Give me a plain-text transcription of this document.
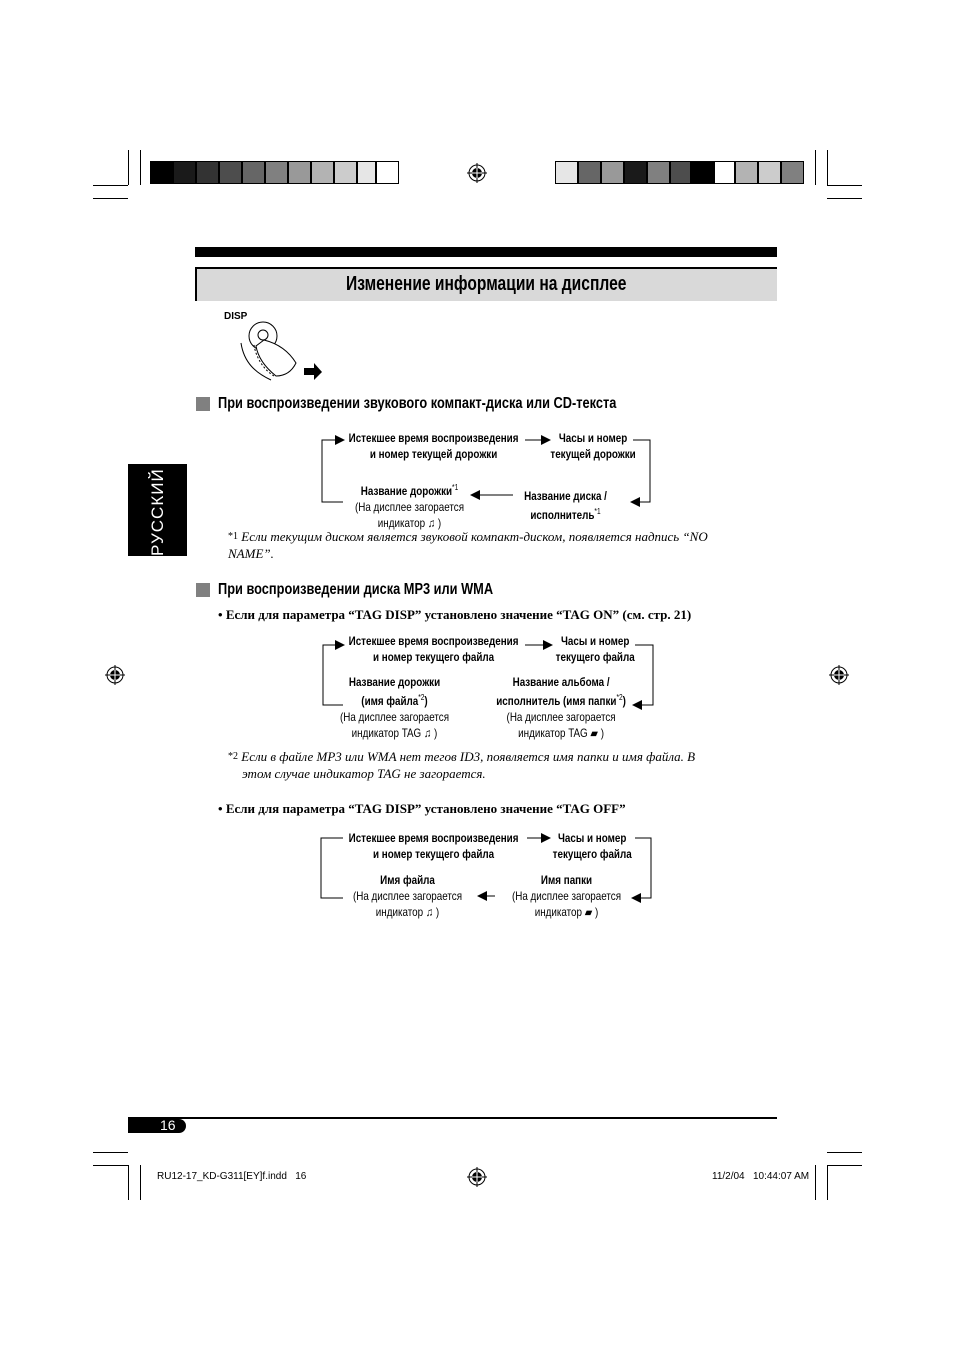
Изменение информации на дисплее
DISP
РУССКИЙ
При воспроизведении звукового компакт-диска или CD-текста
Истекшее время воспроизведения
и номер текущей дорожки
Часы и номер
текущей дорожки
Название дорожки$^{*1}$
(На дисплее загорается
индикатор ♫ )
Название диска /
исполнитель$^{*1}$
$^{*1}$ Если текущим диском является звуковой компакт-диском, появляется надпись “NO NAME”.
При воспроизведении диска MP3 или WMA
• Если для параметра “TAG DISP” установлено значение “TAG ON” (см. стр. 21)
Истекшее время воспроизведения
и номер текущего файла
Часы и номер
текущего файла
Название дорожки
(имя файла$^{*2}$)
(На дисплее загорается
индикатор TAG ♫ )
Название альбома /
исполнитель (имя папки$^{*2}$)
(На дисплее загорается
индикатор TAG ▰ )
$^{*2}$ Если в файле MP3 или WMA нет тегов ID3, появляется имя папки и имя файла. В
этом случае индикатор TAG не загорается.
• Если для параметра “TAG DISP” установлено значение “TAG OFF”
Истекшее время воспроизведения
и номер текущего файла
Часы и номер
текущего файла
Имя файла
(На дисплее загорается
индикатор ♫ )
Имя папки
(На дисплее загорается
индикатор ▰ )
16
RU12-17_KD-G311[EY]f.indd   16	11/2/04   10:44:07 AM
